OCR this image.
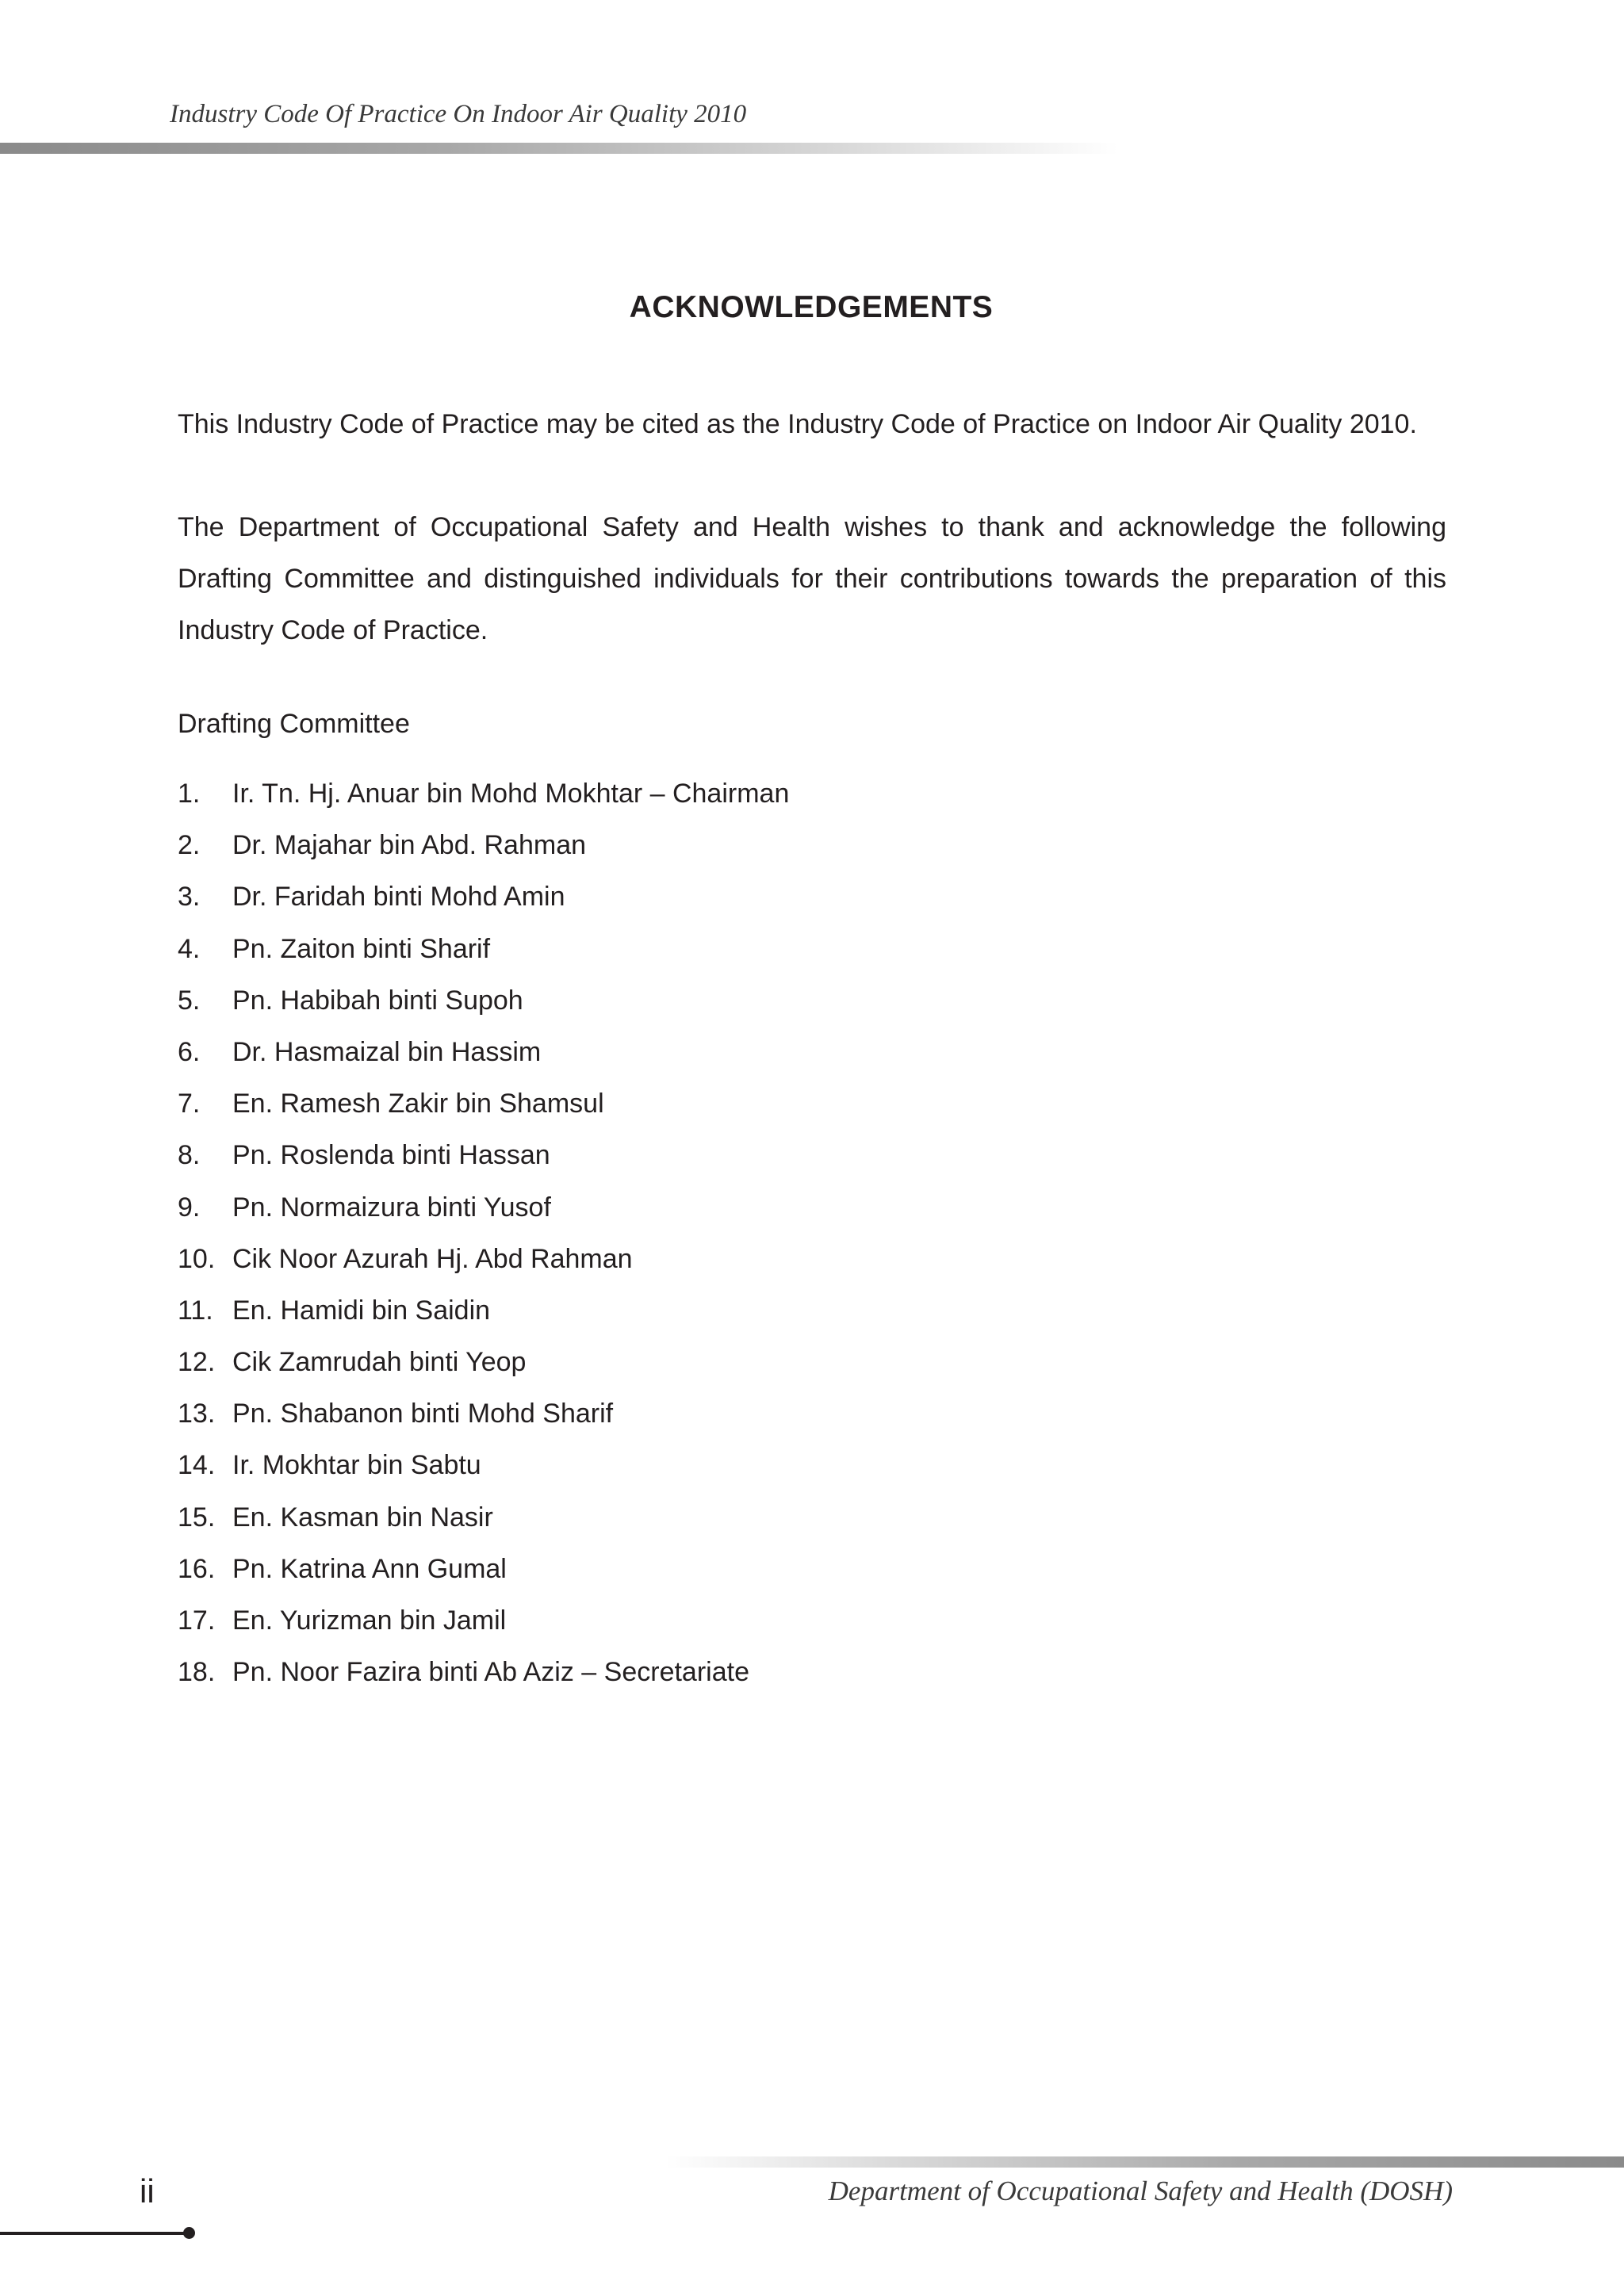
Industry Code Of Practice On Indoor Air Quality 2010
ACKNOWLEDGEMENTS

This Industry Code of Practice may be cited as the Industry Code of Practice on Indoor Air Quality 2010.

The Department of Occupational Safety and Health wishes to thank and acknowledge the following Drafting Committee and distinguished individuals for their contributions towards the preparation of this Industry Code of Practice.

Drafting Committee

1. Ir. Tn. Hj. Anuar bin Mohd Mokhtar – Chairman
2. Dr. Majahar bin Abd. Rahman
3. Dr. Faridah binti Mohd Amin
4. Pn. Zaiton binti Sharif
5. Pn. Habibah binti Supoh
6. Dr. Hasmaizal bin Hassim
7. En. Ramesh Zakir bin Shamsul
8. Pn. Roslenda binti Hassan
9. Pn. Normaizura binti Yusof
10. Cik Noor Azurah Hj. Abd Rahman
11. En. Hamidi bin Saidin
12. Cik Zamrudah binti Yeop
13. Pn. Shabanon binti Mohd Sharif
14. Ir. Mokhtar bin Sabtu
15. En. Kasman bin Nasir
16. Pn. Katrina Ann Gumal
17. En. Yurizman bin Jamil
18. Pn. Noor Fazira binti Ab Aziz – Secretariate
ii	Department of Occupational Safety and Health (DOSH)
